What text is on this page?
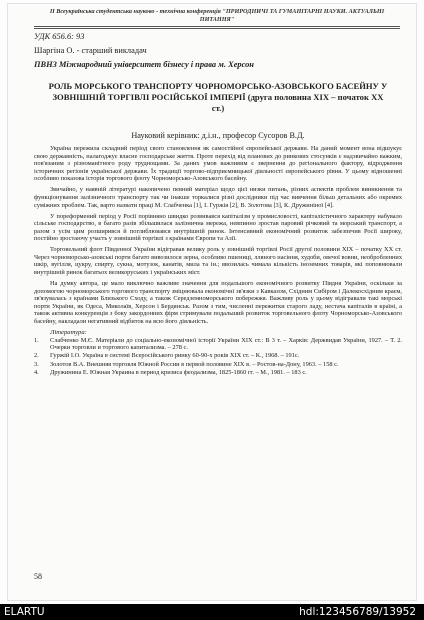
II Всеукраїнська студентська науково - технічна конференція "ПРИРОДНИЧІ ТА ГУМАНІТАРНІ НАУКИ. АКТУАЛЬНІ ПИТАННЯ"
УДК 656.6: 93
Шаргіна О. - старший викладач
ПВНЗ Міжнародний університет бізнесу і права м. Херсон
РОЛЬ МОРСЬКОГО ТРАНСПОРТУ ЧОРНОМОРСЬКО-АЗОВСЬКОГО БАСЕЙНУ У ЗОВНІШНІЙ ТОРГІВЛІ РОСІЙСЬКОЇ ІМПЕРІЇ (друга половина XIX – початок XX ст.)
Науковий керівник: д.і.н., професор Сусоров В.Д.

Україна пережила складний період свого становлення як самостійної європейської держави. На даний момент вона відшукує свою державність, налагоджує власне господарське життя. Проте перехід від планових до ринкових стосунків є надзвичайно важким, пов'язаним з різноманітного роду труднощами. За даних умов важливим є звернення до регіонального фактору, відродження історичних регіонів української держави. Їх традиції торгово-підприємницької діяльності європейського рівня. У цьому відношенні особливо показова історія торгового флоту Чорноморсько-Азовського басейну.

Звичайно, у наявній літературі накопичено певний матеріал щодо цієї низки питань, різних аспектів проблем виникнення та функціонування залізничного транспорту так чи інакше торкалися різні дослідники під час вивчення більш детальних або окремих суміжних проблем. Так, варто назвати праці М. Слабченка [1], І. Гуржія [2], В. Золотова [3], К. Дружиніної [4].

У пореформений період у Росії порівняно швидко розвивався капіталізм у промисловості, капіталістичного характеру набувало сільське господарство, в багато разів збільшилася залізнична мережа, невпинно зростав паровий річковий та морський транспорт, а разом з усім цим розширився й поглиблювався внутрішній ринок. Інтенсивний економічний розвиток забезпечив Росії широку, постійно зростаючу участь у зовнішній торгівлі з країнами Європи та Азії.

Торговельний флот Південної України відігравав велику роль у зовнішній торгівлі Росії другої половини XIX – початку XX ст. Через чорноморсько-азовські порти багато вивозилося зерна, особливо пшениці, лляного насіння, худоби, овечої вовни, необробленних шкір, вугілля, цукру, спирту, сукна, мотузок, канатів, мила та ін.; ввозилась чимала кількість іноземних товарів, які поповнювали внутрішній ринок багатьох великоруських і українських міст.

На думку автора, це мало виключно важливе значення для подальшого економічного розвитку Півдня України, оскільки за допомогою чорноморського торгового транспорту зміцнювала економічні зв'язки з Кавказом, Східним Сибіром і Далекосхідним краєм, зв'язувалась з країнами Близького Сходу, а також Середземноморського побережжя. Важливу роль у цьому відігравали такі морські порти України, як Одеса, Миколаїв, Херсон і Бердянськ. Разом з тим, численні пережитки старого ладу, нестача капіталів в країні, а також активна конкуренція з боку закордонних фірм стримували подальший розвиток торговельного флоту Чорноморсько-Азовського басейну, накладали негативний відбиток на всю його діяльність.

Література:
1. Слабченко М.Є. Матеріали до соціально-економічної історії України XIX ст.: В 3 т. – Харків: Держвидав України, 1927. – Т. 2. Очерки торговли и торгового капитализма. – 278 с.
2. Гуржій І.О. Україна в системі Всеросійського ринку 60-90-х років XIX ст. – К., 1968. – 191с.
3. Золотов В.А. Внешняя торговля Южной России в первой половине XIX в. – Ростов-на-Дону, 1963. – 158 с.
4. Дружинина Е. Южная Украина в период кризиса феодализма, 1825-1860 гг. – М., 1981. – 183 с.
58
ELARTU	hdl:123456789/13952
